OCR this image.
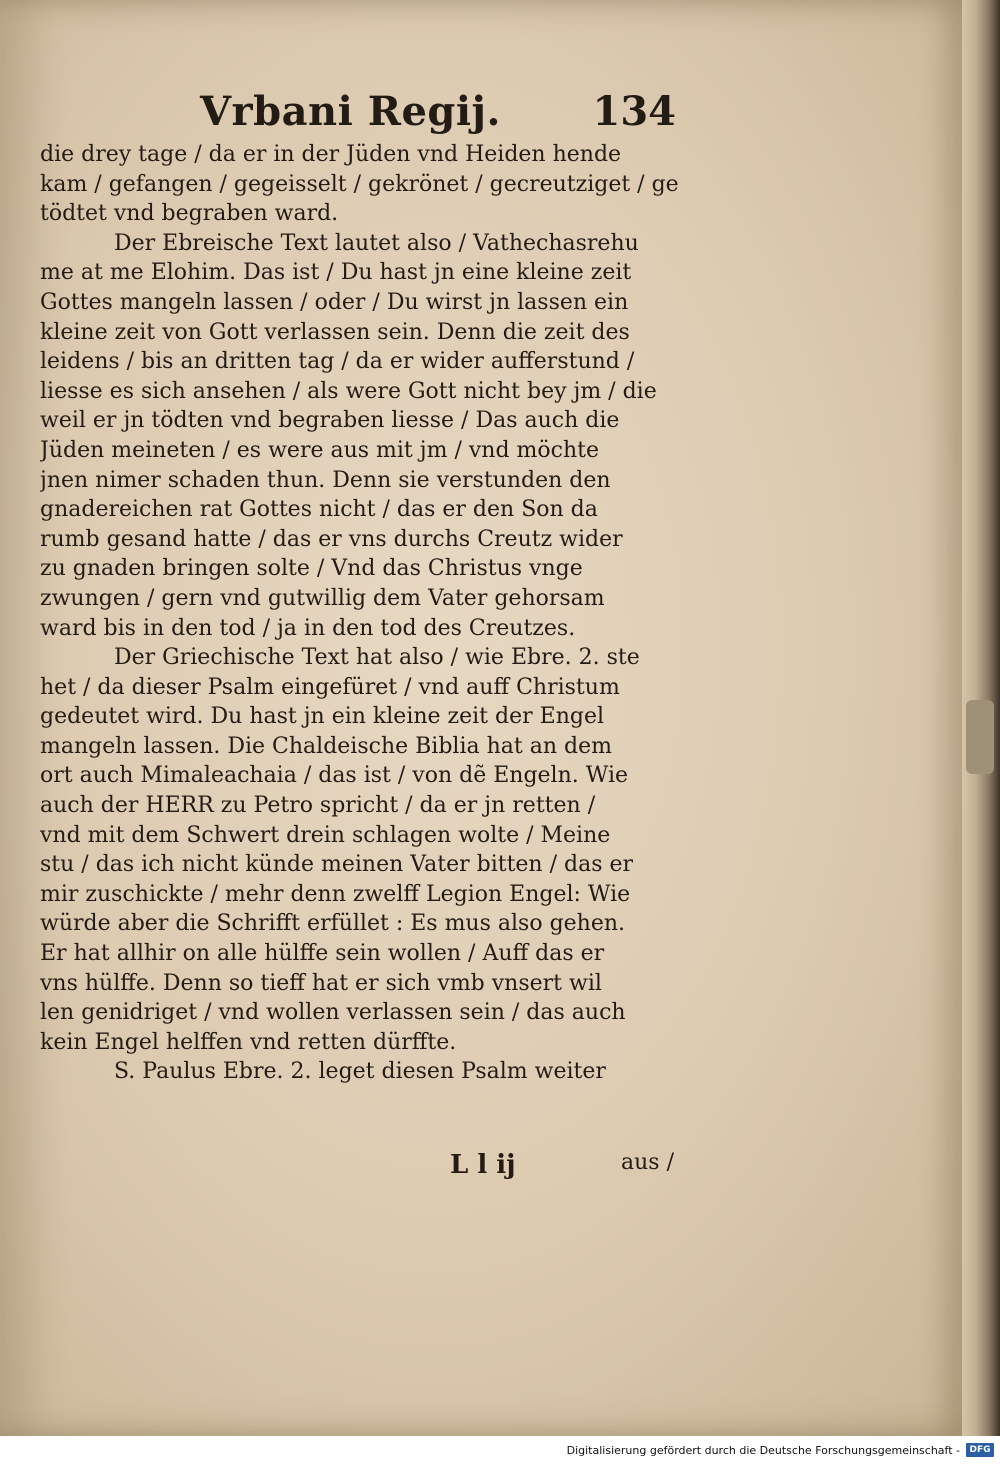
Vrbani Regij. 134
die drey tage / da er in der Jüden vnd Heiden hende
kam / gefangen / gegeisselt / gekrönet / gecreutziget / ge
tödtet vnd begraben ward.
Der Ebreische Text lautet also / Vathechasrehu
me at me Elohim. Das ist / Du hast jn eine kleine zeit
Gottes mangeln lassen / oder / Du wirst jn lassen ein
kleine zeit von Gott verlassen sein. Denn die zeit des
leidens / bis an dritten tag / da er wider aufferstund /
liesse es sich ansehen / als were Gott nicht bey jm / die
weil er jn tödten vnd begraben liesse / Das auch die
Jüden meineten / es were aus mit jm / vnd möchte
jnen nimer schaden thun. Denn sie verstunden den
gnadereichen rat Gottes nicht / das er den Son da
rumb gesand hatte / das er vns durchs Creutz wider
zu gnaden bringen solte / Vnd das Christus vnge
zwungen / gern vnd gutwillig dem Vater gehorsam
ward bis in den tod / ja in den tod des Creutzes.
Der Griechische Text hat also / wie Ebre. 2. ste
het / da dieser Psalm eingefüret / vnd auff Christum
gedeutet wird. Du hast jn ein kleine zeit der Engel
mangeln lassen. Die Chaldeische Biblia hat an dem
ort auch Mimaleachaia / das ist / von dẽ Engeln. Wie
auch der HERR zu Petro spricht / da er jn retten /
vnd mit dem Schwert drein schlagen wolte / Meine
stu / das ich nicht künde meinen Vater bitten / das er
mir zuschickte / mehr denn zwelff Legion Engel: Wie
würde aber die Schrifft erfüllet : Es mus also gehen.
Er hat allhir on alle hülffe sein wollen / Auff das er
vns hülffe. Denn so tieff hat er sich vmb vnsert wil
len genidriget / vnd wollen verlassen sein / das auch
kein Engel helffen vnd retten dürffte.
S. Paulus Ebre. 2. leget diesen Psalm weiter
L l ij	aus /
Digitalisierung gefördert durch die Deutsche Forschungsgemeinschaft -	DFG
